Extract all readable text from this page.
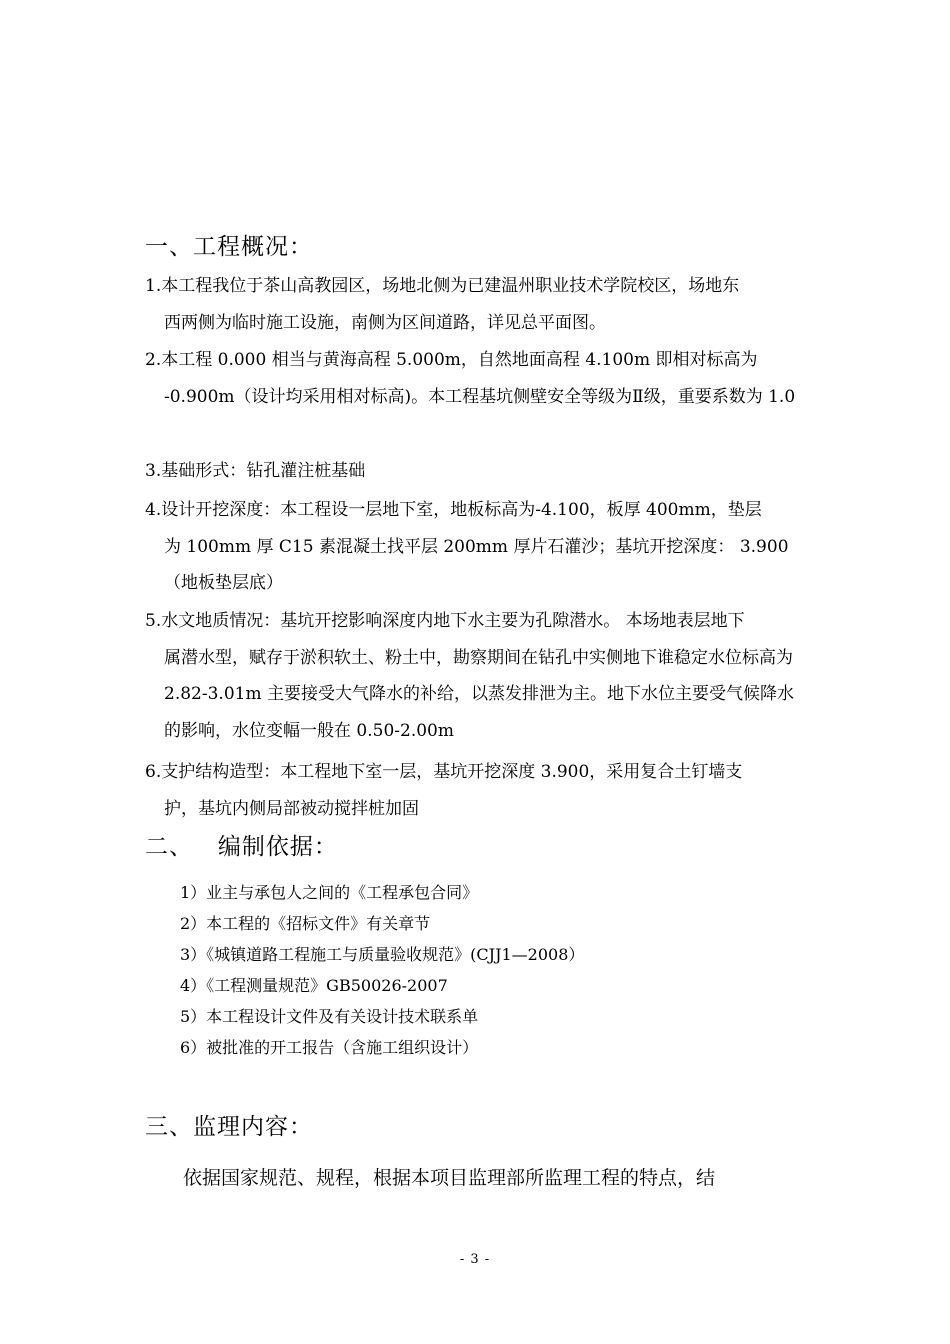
一、工程概况：
1.本工程我位于茶山高教园区，场地北侧为已建温州职业技术学院校区，场地东
西两侧为临时施工设施，南侧为区间道路，详见总平面图。
2.本工程 0.000 相当与黄海高程 5.000m，自然地面高程 4.100m 即相对标高为
-0.900m（设计均采用相对标高)。本工程基坑侧壁安全等级为Ⅱ级，重要系数为 1.0
3.基础形式：钻孔灌注桩基础
4.设计开挖深度：本工程设一层地下室，地板标高为-4.100，板厚 400mm，垫层
为 100mm 厚 C15 素混凝土找平层 200mm 厚片石灌沙；基坑开挖深度： 3.900（地板垫层底）
5.水文地质情况：基坑开挖影响深度内地下水主要为孔隙潜水。 本场地表层地下
属潜水型，赋存于淤积软土、粉土中，勘察期间在钻孔中实侧地下谁稳定水位标高为 2.82-3.01m 主要接受大气降水的补给，以蒸发排泄为主。地下水位主要受气候降水的影响，水位变幅一般在 0.50-2.00m
6.支护结构造型：本工程地下室一层，基坑开挖深度 3.900，采用复合土钉墙支
护，基坑内侧局部被动搅拌桩加固
二、   编制依据：
1）业主与承包人之间的《工程承包合同》
2）本工程的《招标文件》有关章节
3）《城镇道路工程施工与质量验收规范》(CJJ1—2008）
4）《工程测量规范》GB50026-2007
5）本工程设计文件及有关设计技术联系单
6）被批准的开工报告（含施工组织设计）
三、监理内容：
依据国家规范、规程，根据本项目监理部所监理工程的特点，结
- 3 -
